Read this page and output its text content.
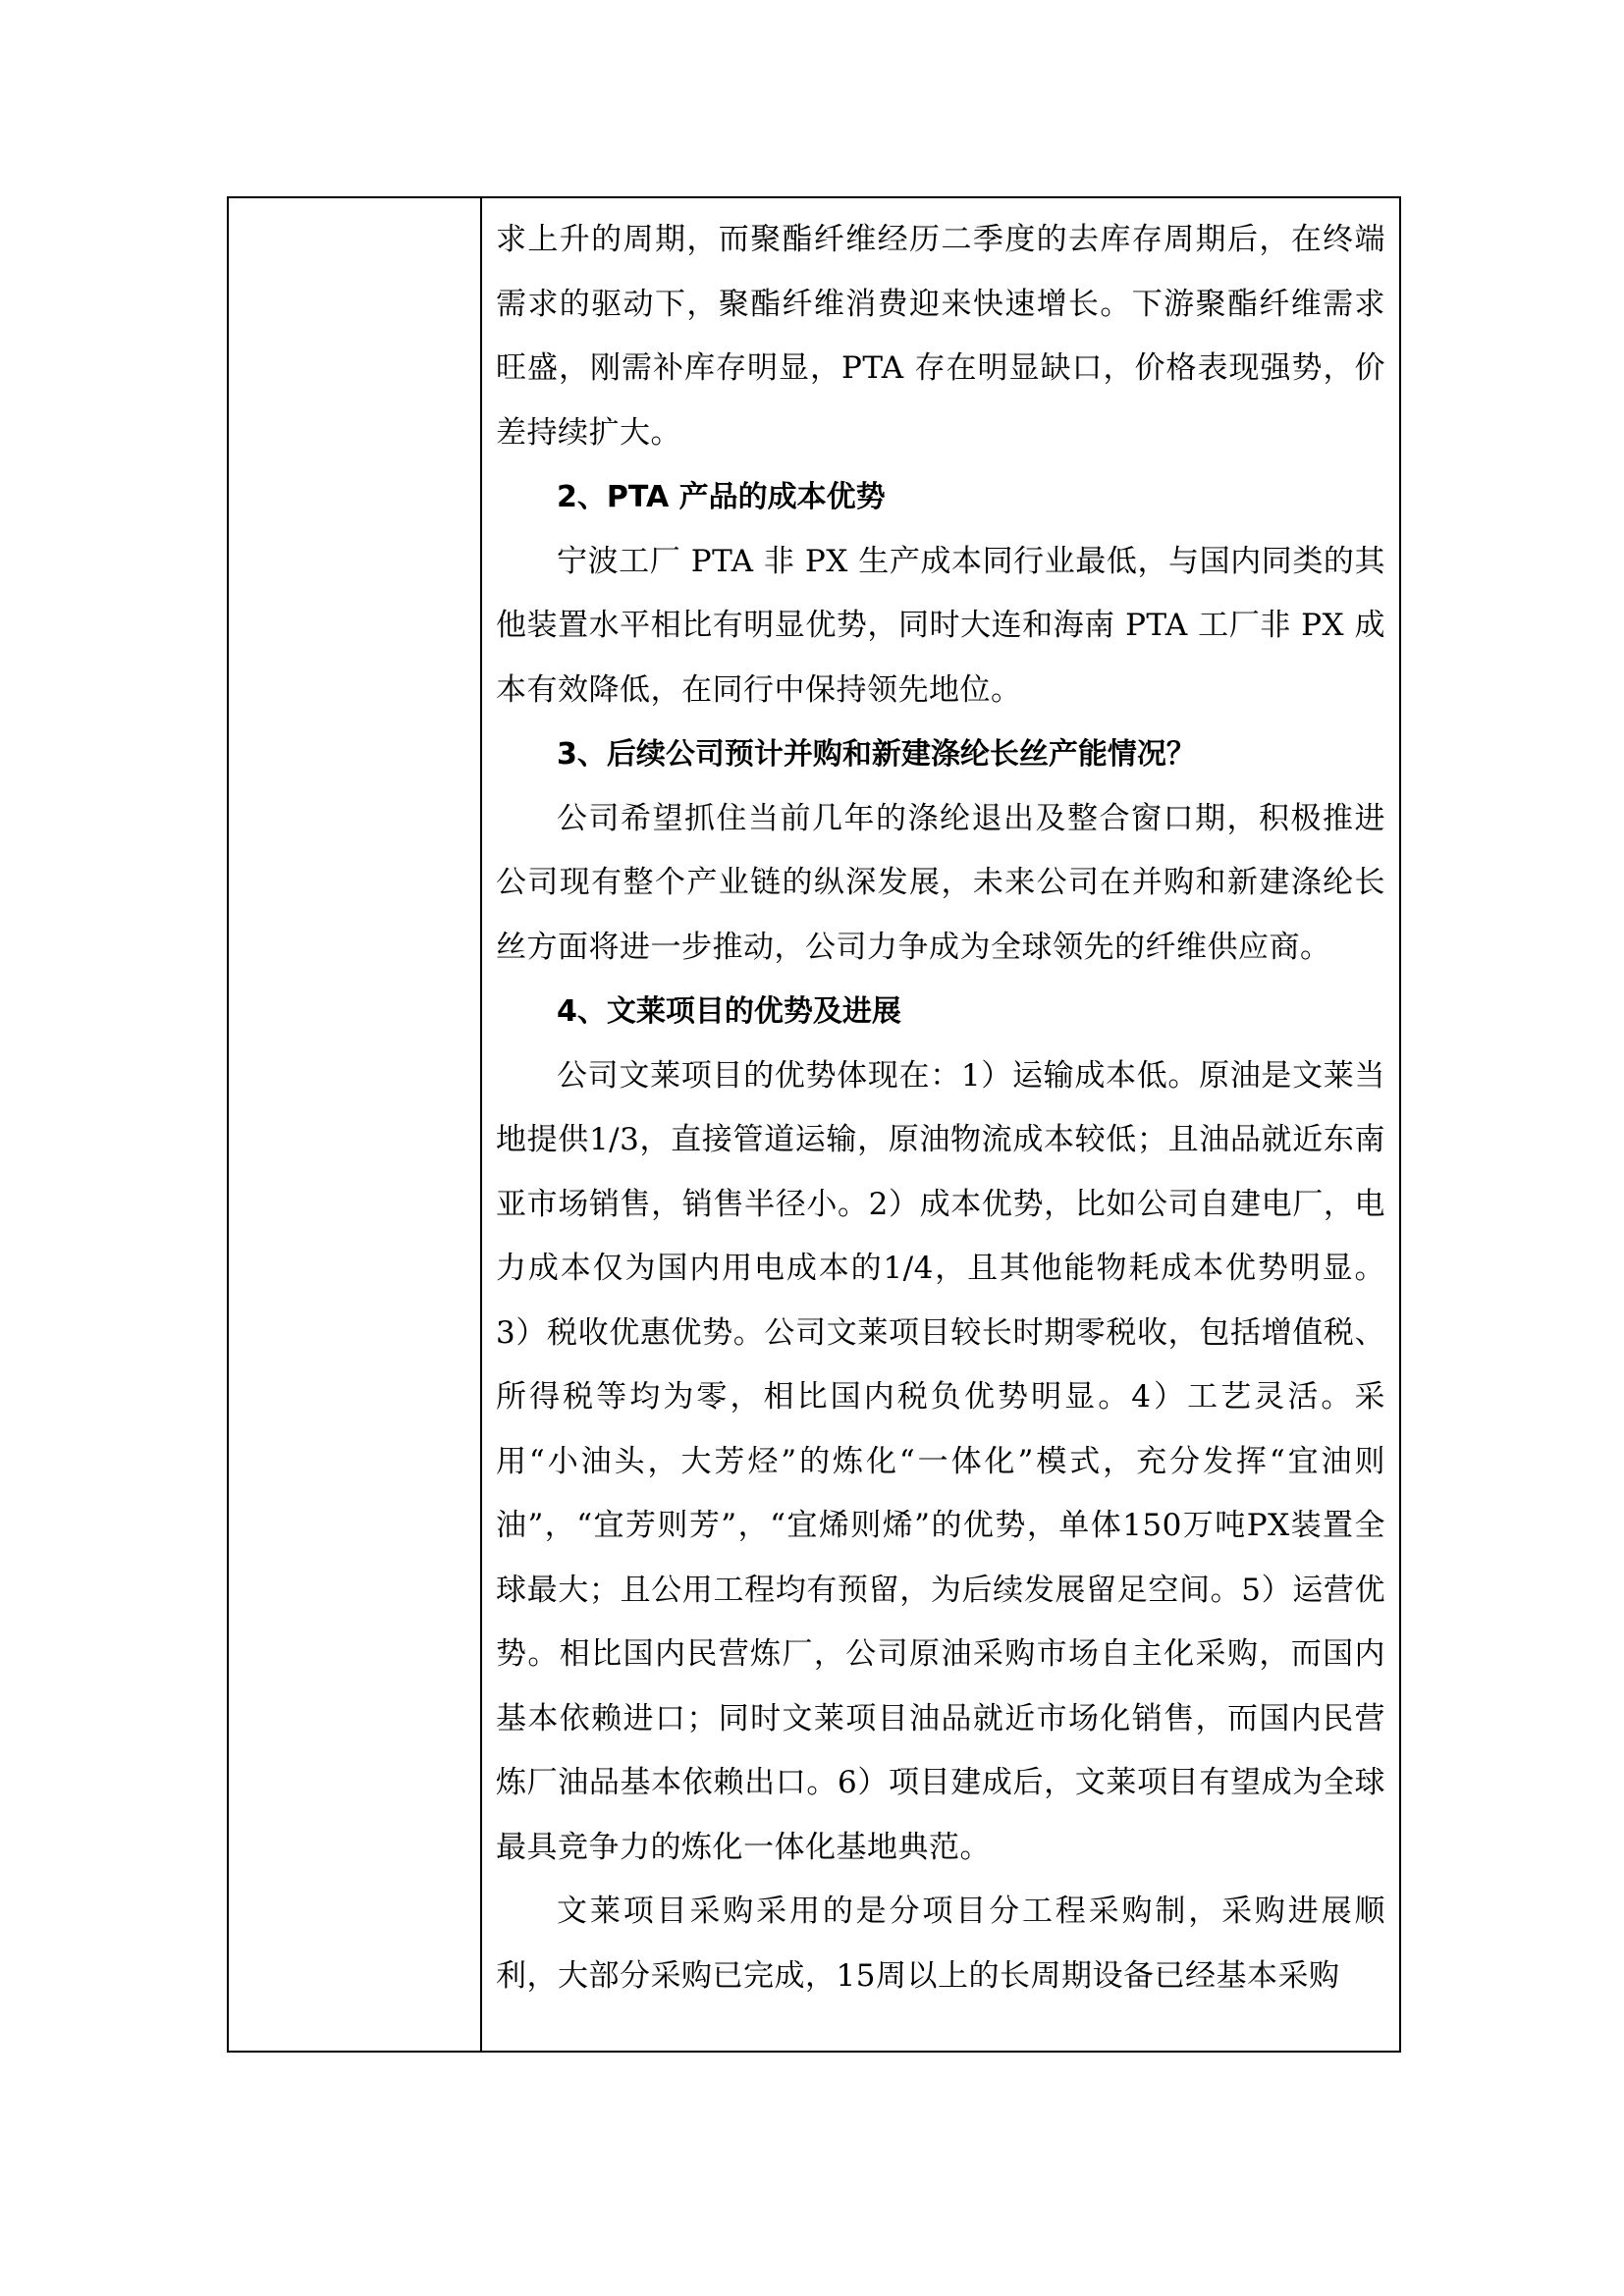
求上升的周期，而聚酯纤维经历二季度的去库存周期后，在终端需求的驱动下，聚酯纤维消费迎来快速增长。下游聚酯纤维需求旺盛，刚需补库存明显，PTA 存在明显缺口，价格表现强势，价差持续扩大。

2、PTA 产品的成本优势

宁波工厂 PTA 非 PX 生产成本同行业最低，与国内同类的其他装置水平相比有明显优势，同时大连和海南 PTA 工厂非 PX 成本有效降低，在同行中保持领先地位。

3、后续公司预计并购和新建涤纶长丝产能情况？

公司希望抓住当前几年的涤纶退出及整合窗口期，积极推进公司现有整个产业链的纵深发展，未来公司在并购和新建涤纶长丝方面将进一步推动，公司力争成为全球领先的纤维供应商。

4、文莱项目的优势及进展

公司文莱项目的优势体现在：1）运输成本低。原油是文莱当地提供1/3，直接管道运输，原油物流成本较低；且油品就近东南亚市场销售，销售半径小。2）成本优势，比如公司自建电厂，电力成本仅为国内用电成本的1/4，且其他能物耗成本优势明显。3）税收优惠优势。公司文莱项目较长时期零税收，包括增值税、所得税等均为零，相比国内税负优势明显。4）工艺灵活。采用“小油头，大芳烃”的炼化“一体化”模式，充分发挥“宜油则油”，“宜芳则芳”，“宜烯则烯”的优势，单体150万吨PX装置全球最大；且公用工程均有预留，为后续发展留足空间。5）运营优势。相比国内民营炼厂，公司原油采购市场自主化采购，而国内基本依赖进口；同时文莱项目油品就近市场化销售，而国内民营炼厂油品基本依赖出口。6）项目建成后，文莱项目有望成为全球最具竞争力的炼化一体化基地典范。

文莱项目采购采用的是分项目分工程采购制，采购进展顺利，大部分采购已完成，15周以上的长周期设备已经基本采购
